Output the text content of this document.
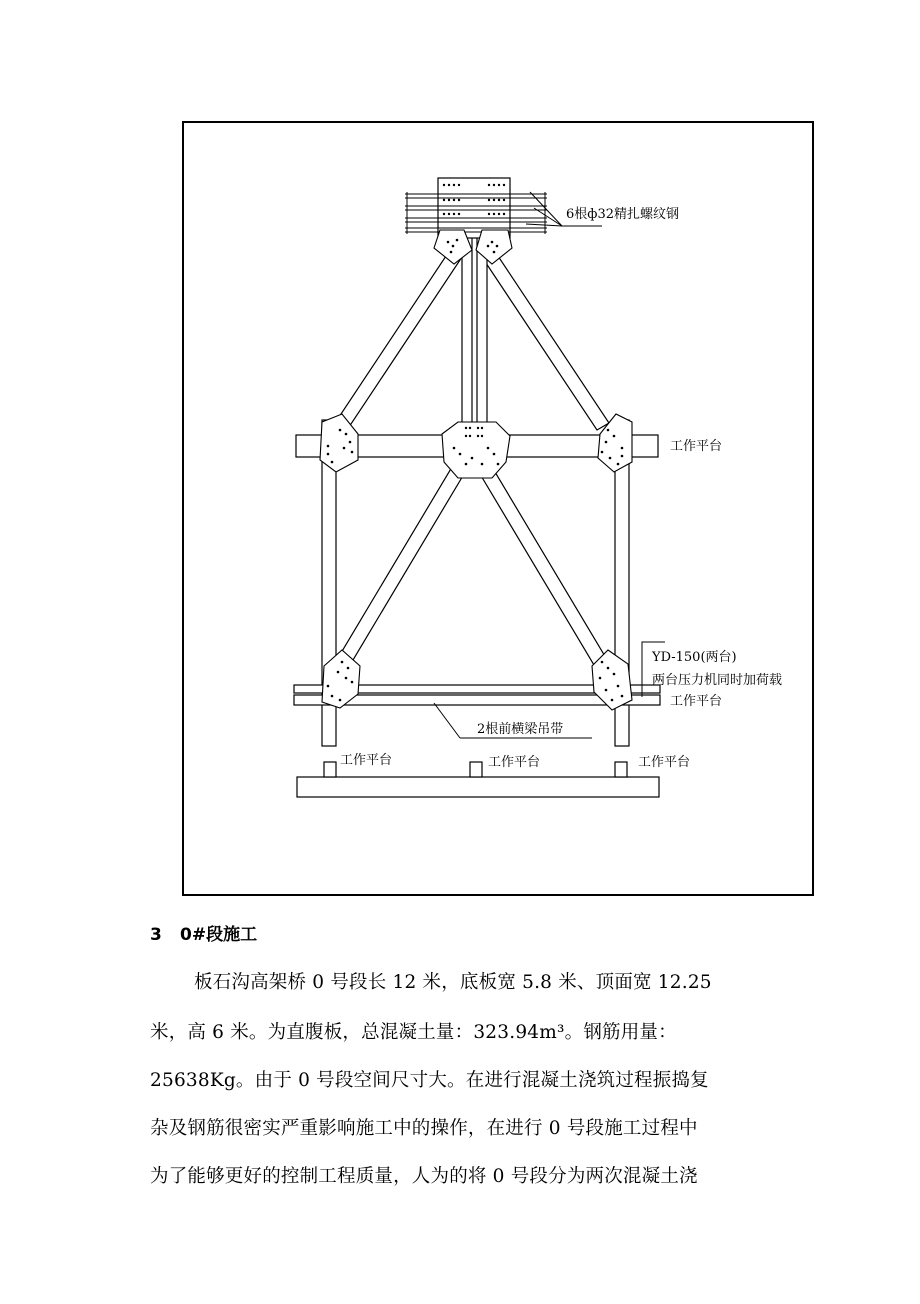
6根ф32精扎螺纹钢
工作平台
YD-150(两台)
两台压力机同时加荷载
工作平台
2根前横梁吊带
工作平台	工作平台	工作平台
3 0#段施工
板石沟高架桥 0 号段长 12 米，底板宽 5.8 米、顶面宽 12.25
米，高 6 米。为直腹板，总混凝土量：323.94m³。钢筋用量：
25638Kg。由于 0 号段空间尺寸大。在进行混凝土浇筑过程振捣复
杂及钢筋很密实严重影响施工中的操作，在进行 0 号段施工过程中
为了能够更好的控制工程质量，人为的将 0 号段分为两次混凝土浇
